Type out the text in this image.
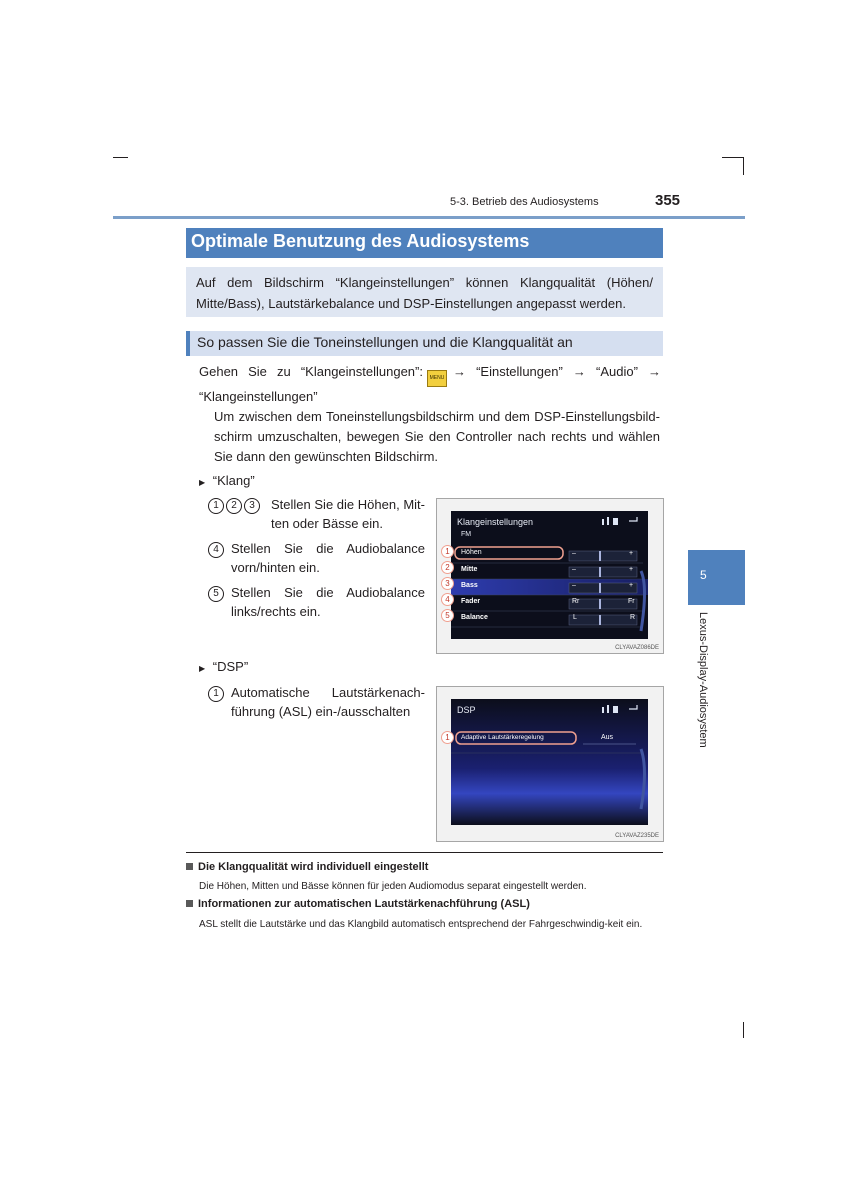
5-3. Betrieb des Audiosystems	355
Optimale Benutzung des Audiosystems
Auf dem Bildschirm “Klangeinstellungen” können Klangqualität (Höhen/ Mitte/Bass), Lautstärkebalance und DSP-Einstellungen angepasst werden.
So passen Sie die Toneinstellungen und die Klangqualität an
Gehen Sie zu “Klangeinstellungen”: MENU → “Einstellungen” → “Audio” → “Klangeinstellungen”
Um zwischen dem Toneinstellungsbildschirm und dem DSP-Einstellungsbild-schirm umzuschalten, bewegen Sie den Controller nach rechts und wählen Sie dann den gewünschten Bildschirm.
▶ “Klang”
1 2 3	Stellen Sie die Höhen, Mit-ten oder Bässe ein.
4 Stellen Sie die Audiobalance vorn/hinten ein.
5 Stellen Sie die Audiobalance links/rechts ein.
▶ “DSP”
1 Automatische Lautstärkenach-führung (ASL) ein-/ausschalten
Klangeinstellungen
FM
Höhen
Mitte
Bass
Fader
Balance
–	+
–	+
–	+
Rr	Fr
L	R
1
2
3
4
5
CLYAVAZ086DE
DSP
Adaptive Lautstärkeregelung	Aus
1
CLYAVAZ235DE
Die Klangqualität wird individuell eingestellt
Die Höhen, Mitten und Bässe können für jeden Audiomodus separat eingestellt werden.
Informationen zur automatischen Lautstärkenachführung (ASL)
ASL stellt die Lautstärke und das Klangbild automatisch entsprechend der Fahrgeschwindig-keit ein.
5
Lexus-Display-Audiosystem
